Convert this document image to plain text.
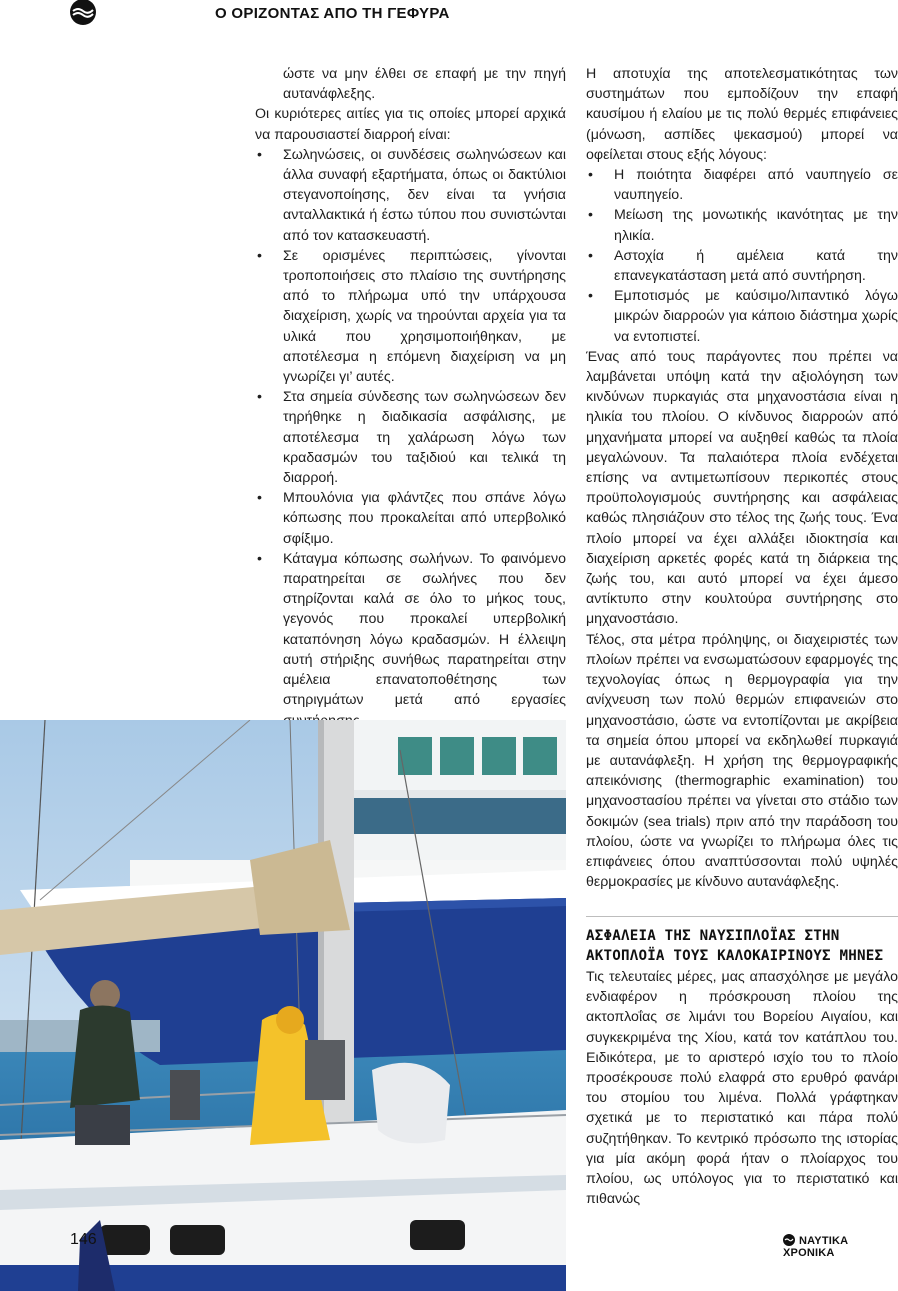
Ο ΟΡΙΖΟΝΤΑΣ ΑΠΟ ΤΗ ΓΕΦΥΡΑ

ώστε να μην έλθει σε επαφή με την πηγή αυτανάφλεξης.

Οι κυριότερες αιτίες για τις οποίες μπορεί αρχικά να παρουσιαστεί διαρροή είναι:

• Σωληνώσεις, οι συνδέσεις σωληνώσεων και άλλα συναφή εξαρτήματα, όπως οι δακτύλιοι στεγανοποίησης, δεν είναι τα γνήσια ανταλλακτικά ή έστω τύπου που συνιστώνται από τον κατασκευαστή.
• Σε ορισμένες περιπτώσεις, γίνονται τροποποιήσεις στο πλαίσιο της συντήρησης από το πλήρωμα υπό την υπάρχουσα διαχείριση, χωρίς να τηρούνται αρχεία για τα υλικά που χρησιμοποιήθηκαν, με αποτέλεσμα η επόμενη διαχείριση να μη γνωρίζει γι’ αυτές.
• Στα σημεία σύνδεσης των σωληνώσεων δεν τηρήθηκε η διαδικασία ασφάλισης, με αποτέλεσμα τη χαλάρωση λόγω των κραδασμών του ταξιδιού και τελικά τη διαρροή.
• Μπουλόνια για φλάντζες που σπάνε λόγω κόπωσης που προκαλείται από υπερβολικό σφίξιμο.
• Κάταγμα κόπωσης σωλήνων. Το φαινόμενο παρατηρείται σε σωλήνες που δεν στηρίζονται καλά σε όλο το μήκος τους, γεγονός που προκαλεί υπερβολική καταπόνηση λόγω κραδασμών. Η έλλειψη αυτή στήριξης συνήθως παρατηρείται στην αμέλεια επανατοποθέτησης των στηριγμάτων μετά από εργασίες

Η αποτυχία της αποτελεσματικότητας των συστημάτων που εμποδίζουν την επαφή καυσίμου ή ελαίου με τις πολύ θερμές επιφάνειες (μόνωση, ασπίδες ψεκασμού) μπορεί να οφείλεται στους εξής λόγους:

• Η ποιότητα διαφέρει από ναυπηγείο σε ναυπηγείο.
• Μείωση της μονωτικής ικανότητας με την ηλικία.
• Αστοχία ή αμέλεια κατά την επανεγκατάσταση μετά από συντήρηση.
• Εμποτισμός με καύσιμο/λιπαντικό λόγω μικρών διαρροών για κάποιο διάστημα χωρίς να εντοπιστεί.

Ένας από τους παράγοντες που πρέπει να λαμβάνεται υπόψη κατά την αξιολόγηση των κινδύνων πυρκαγιάς στα μηχανοστάσια είναι η ηλικία του πλοίου. Ο κίνδυνος διαρροών από μηχανήματα μπορεί να αυξηθεί καθώς τα πλοία μεγαλώνουν. Τα παλαιότερα πλοία ενδέχεται επίσης να αντιμετωπίσουν περικοπές στους προϋπολογισμούς συντήρησης και ασφάλειας καθώς πλησιάζουν στο τέλος της ζωής τους. Ένα πλοίο μπορεί να έχει αλλάξει ιδιοκτησία και διαχείριση αρκετές φορές κατά τη διάρκεια της ζωής του, και αυτό μπορεί να έχει άμεσο αντίκτυπο στην κουλτούρα συντήρησης στο μηχανοστάσιο.

Τέλος, στα μέτρα πρόληψης, οι διαχειριστές των πλοίων πρέπει να ενσωματώσουν εφαρμογές της τεχνολογίας όπως η θερμογραφία για την ανίχνευση των πολύ θερμών επιφανειών στο μηχανοστάσιο, ώστε να εντοπίζονται με ακρίβεια τα σημεία όπου μπορεί να εκδηλωθεί πυρκαγιά με αυτανάφλεξη. Η χρήση της θερμογραφικής απεικόνισης (thermographic examination) του μηχανοστασίου πρέπει να γίνεται στο στάδιο των δοκιμών (sea trials) πριν από την παράδοση του πλοίου, ώστε να γνωρίζει το πλήρωμα όλες τις επιφάνειες όπου αναπτύσσονται πολύ υψηλές θερμοκρασίες με κίνδυνο αυτανάφλεξης.

ΑΣΦΑΛΕΙΑ ΤΗΣ ΝΑΥΣΙΠΛΟΪΑΣ ΣΤΗΝ ΑΚΤΟΠΛΟΪΑ ΤΟΥΣ ΚΑΛΟΚΑΙΡΙΝΟΥΣ ΜΗΝΕΣ

Τις τελευταίες μέρες, μας απασχόλησε με μεγάλο ενδιαφέρον η πρόσκρουση πλοίου της ακτοπλοΐας σε λιμάνι του Βορείου Αιγαίου, και συγκεκριμένα της Χίου, κατά τον κατάπλου του. Ειδικότερα, με το αριστερό ισχίο του το πλοίο προσέκρουσε πολύ ελαφρά στο ερυθρό φανάρι του στομίου του λιμένα. Πολλά γράφτηκαν σχετικά με το περιστατικό και πάρα πολύ συζητήθηκαν. Το κεντρικό πρόσωπο της ιστορίας για μία ακόμη φορά ήταν ο πλοίαρχος του πλοίου, ως υπόλογος για το περιστατικό και πιθανώς

146	ΝΑΥΤΙΚΑ ΧΡΟΝΙΚΑ
